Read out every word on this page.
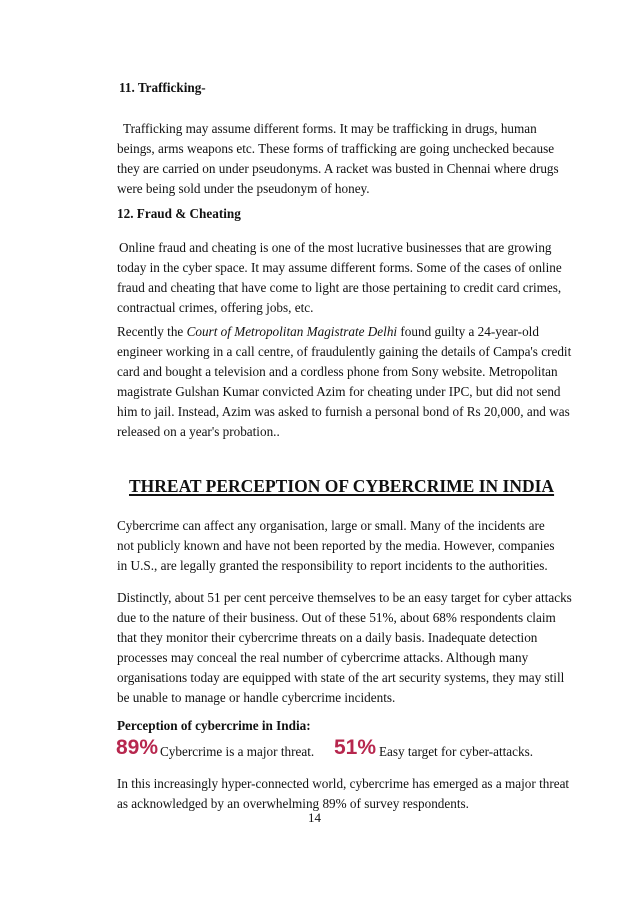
11. Trafficking-
Trafficking may assume different forms. It may be trafficking in drugs, human
beings, arms weapons etc. These forms of trafficking are going unchecked because
they are carried on under pseudonyms. A racket was busted in Chennai where drugs
were being sold under the pseudonym of honey.
12. Fraud & Cheating
Online fraud and cheating is one of the most lucrative businesses that are growing
today in the cyber space. It may assume different forms. Some of the cases of online
fraud and cheating that have come to light are those pertaining to credit card crimes,
contractual crimes, offering jobs, etc.
Recently the Court of Metropolitan Magistrate Delhi found guilty a 24-year-old
engineer working in a call centre, of fraudulently gaining the details of Campa's credit
card and bought a television and a cordless phone from Sony website. Metropolitan
magistrate Gulshan Kumar convicted Azim for cheating under IPC, but did not send
him to jail. Instead, Azim was asked to furnish a personal bond of Rs 20,000, and was
released on a year's probation..
THREAT PERCEPTION OF CYBERCRIME IN INDIA
Cybercrime can affect any organisation, large or small. Many of the incidents are
not publicly known and have not been reported by the media. However, companies
in U.S., are legally granted the responsibility to report incidents to the authorities.
Distinctly, about 51 per cent perceive themselves to be an easy target for cyber attacks
due to the nature of their business. Out of these 51%, about 68% respondents claim
that they monitor their cybercrime threats on a daily basis. Inadequate detection
processes may conceal the real number of cybercrime attacks. Although many
organisations today are equipped with state of the art security systems, they may still
be unable to manage or handle cybercrime incidents.
Perception of cybercrime in India:
89% Cybercrime is a major threat. 51% Easy target for cyber-attacks.
In this increasingly hyper-connected world, cybercrime has emerged as a major threat
as acknowledged by an overwhelming 89% of survey respondents.
14
